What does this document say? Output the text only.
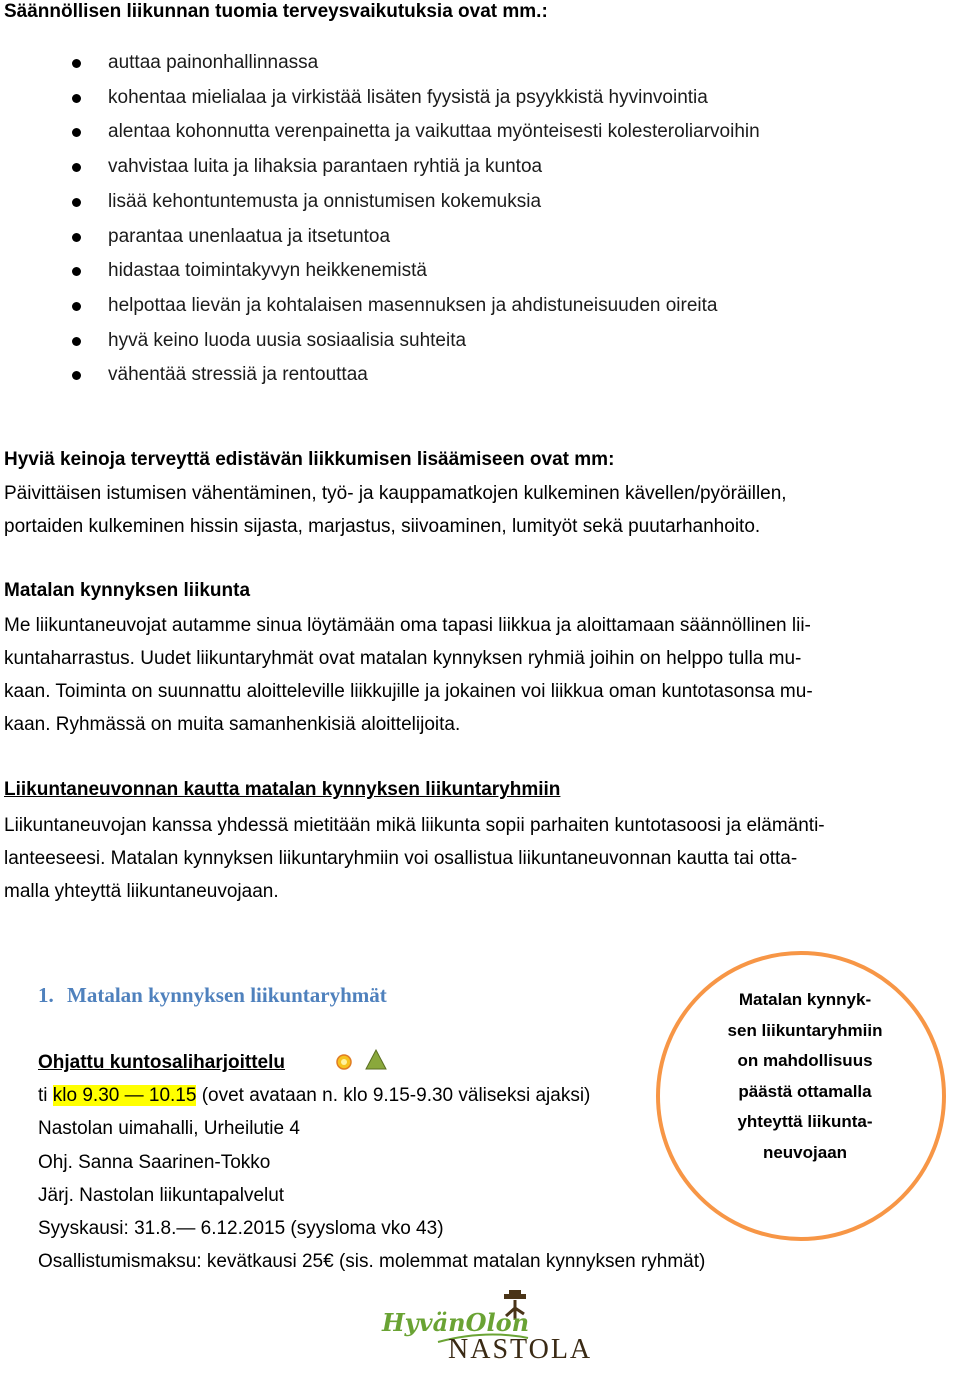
Säännöllisen liikunnan tuomia terveysvaikutuksia ovat mm.:
auttaa painonhallinnassa
kohentaa mielialaa ja virkistää lisäten fyysistä ja psyykkistä hyvinvointia
alentaa kohonnutta verenpainetta ja vaikuttaa myönteisesti kolesteroliarvoihin
vahvistaa luita ja lihaksia parantaen ryhtiä ja kuntoa
lisää kehontuntemusta ja onnistumisen kokemuksia
parantaa unenlaatua ja itsetuntoa
hidastaa toimintakyvyn heikkenemistä
helpottaa lievän ja kohtalaisen masennuksen ja ahdistuneisuuden oireita
hyvä keino luoda uusia sosiaalisia suhteita
vähentää stressiä ja rentouttaa
Hyviä keinoja terveyttä edistävän liikkumisen lisäämiseen ovat mm:
Päivittäisen istumisen vähentäminen, työ- ja kauppamatkojen kulkeminen kävellen/pyöräillen,
portaiden kulkeminen hissin sijasta, marjastus, siivoaminen, lumityöt sekä puutarhanhoito.
Matalan kynnyksen liikunta
Me liikuntaneuvojat autamme sinua löytämään oma tapasi liikkua ja aloittamaan säännöllinen lii-
kuntaharrastus. Uudet liikuntaryhmät ovat matalan kynnyksen ryhmiä joihin on helppo tulla mu-
kaan. Toiminta on suunnattu aloitteleville liikkujille ja jokainen voi liikkua oman kuntotasonsa mu-
kaan. Ryhmässä on muita samanhenkisiä aloittelijoita.
Liikuntaneuvonnan kautta matalan kynnyksen liikuntaryhmiin
Liikuntaneuvojan kanssa yhdessä mietitään mikä liikunta sopii parhaiten kuntotasoosi ja elämänti-
lanteeseesi. Matalan kynnyksen liikuntaryhmiin voi osallistua liikuntaneuvonnan kautta tai otta-
malla yhteyttä liikuntaneuvojaan.
1. Matalan kynnyksen liikuntaryhmät
Ohjattu kuntosaliharjoittelu
ti klo 9.30 — 10.15 (ovet avataan n. klo 9.15-9.30 väliseksi ajaksi)
Nastolan uimahalli, Urheilutie 4
Ohj. Sanna Saarinen-Tokko
Järj. Nastolan liikuntapalvelut
Syyskausi: 31.8.— 6.12.2015 (syysloma vko 43)
Osallistumismaksu: kevätkausi 25€ (sis. molemmat matalan kynnyksen ryhmät)
Matalan kynnyk-
sen liikuntaryhmiin
on mahdollisuus
päästä ottamalla
yhteyttä liikunta-
neuvojaan
HyvänOlon
NASTOLA
